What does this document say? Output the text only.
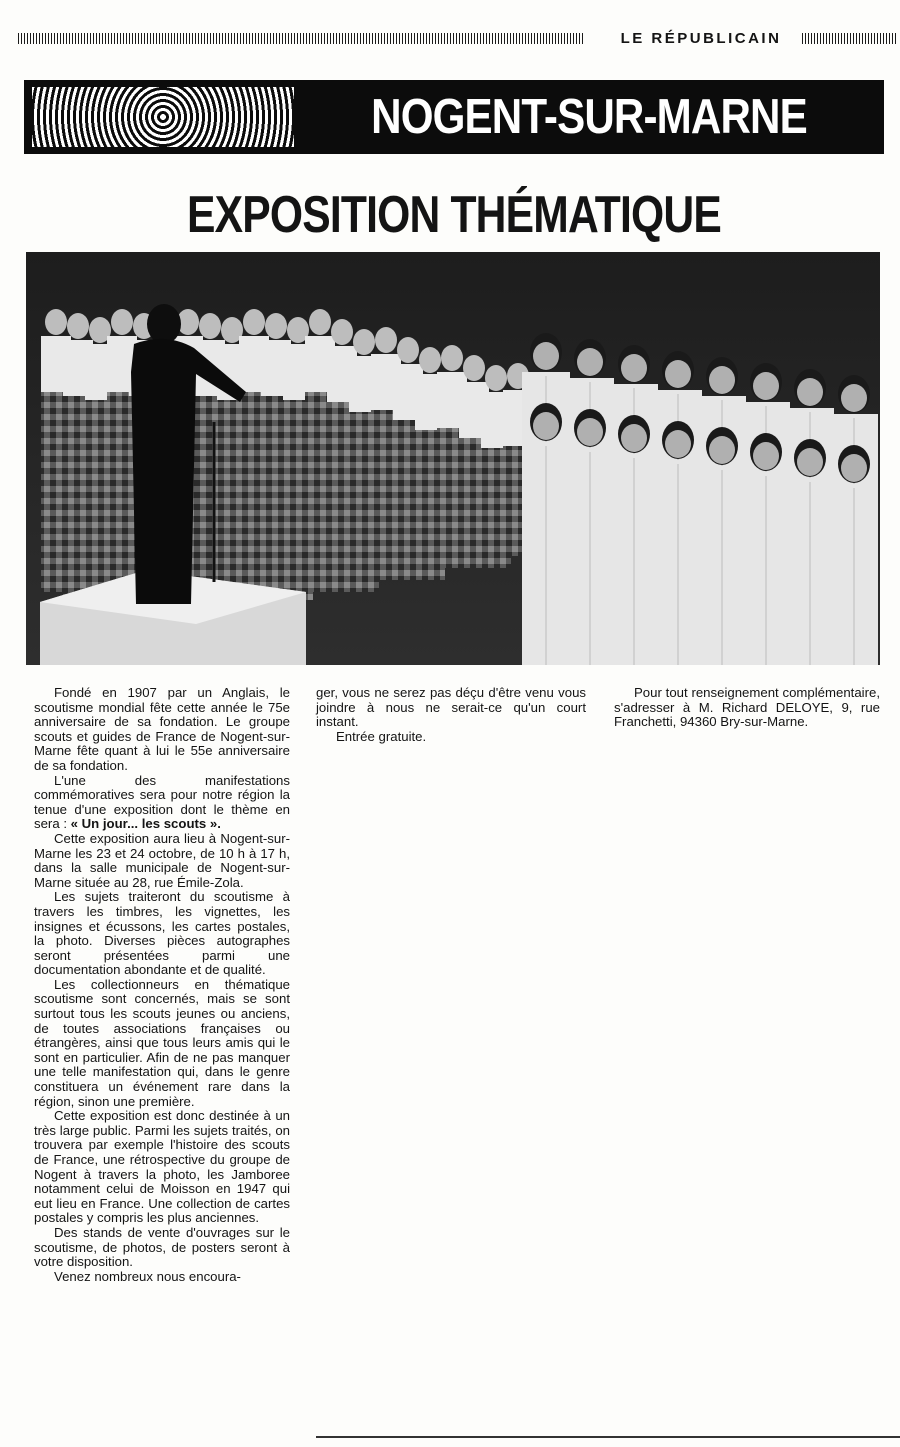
LE RÉPUBLICAIN
NOGENT-SUR-MARNE
EXPOSITION THÉMATIQUE

Fondé en 1907 par un Anglais, le scoutisme mondial fête cette année le 75e anniversaire de sa fondation. Le groupe scouts et guides de France de Nogent-sur-Marne fête quant à lui le 55e anniversaire de sa fondation.

L'une des manifestations commémoratives sera pour notre région la tenue d'une exposition dont le thème en sera : « Un jour... les scouts ».

Cette exposition aura lieu à Nogent-sur-Marne les 23 et 24 octobre, de 10 h à 17 h, dans la salle municipale de Nogent-sur-Marne située au 28, rue Émile-Zola.

Les sujets traiteront du scoutisme à travers les timbres, les vignettes, les insignes et écussons, les cartes postales, la photo. Diverses pièces autographes seront présentées parmi une documentation abondante et de qualité.

Les collectionneurs en thématique scoutisme sont concernés, mais se sont surtout tous les scouts jeunes ou anciens, de toutes associations françaises ou étrangères, ainsi que tous leurs amis qui le sont en particulier. Afin de ne pas manquer une telle manifestation qui, dans le genre constituera un événement rare dans la région, sinon une première.

Cette exposition est donc destinée à un très large public. Parmi les sujets traités, on trouvera par exemple l'histoire des scouts de France, une rétrospective du groupe de Nogent à travers la photo, les Jamboree notamment celui de Moisson en 1947 qui eut lieu en France. Une collection de cartes postales y compris les plus anciennes.

Des stands de vente d'ouvrages sur le scoutisme, de photos, de posters seront à votre disposition.

Venez nombreux nous encoura-

ger, vous ne serez pas déçu d'être venu vous joindre à nous ne serait-ce qu'un court instant.

Entrée gratuite.

Pour tout renseignement complémentaire, s'adresser à M. Richard DELOYE, 9, rue Franchetti, 94360 Bry-sur-Marne.
